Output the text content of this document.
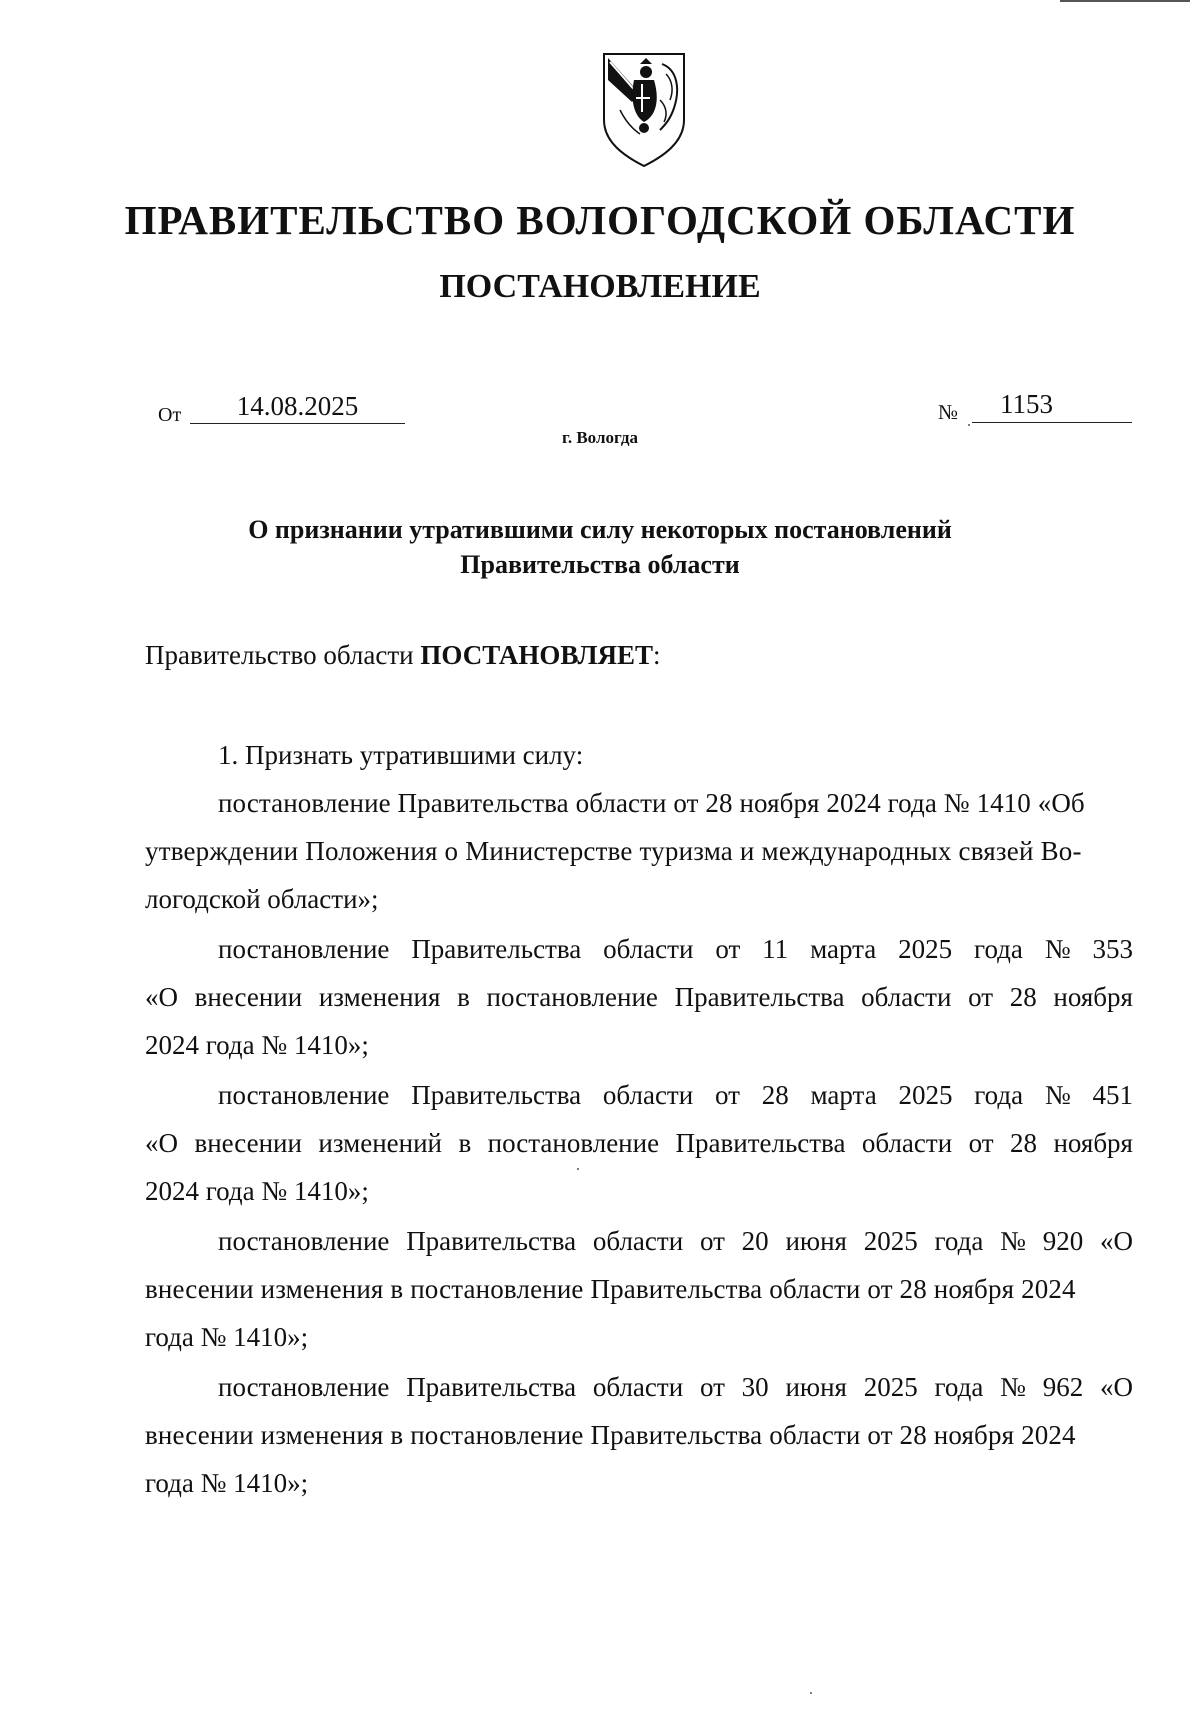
ПРАВИТЕЛЬСТВО ВОЛОГОДСКОЙ ОБЛАСТИ
ПОСТАНОВЛЕНИЕ
От	14.08.2025	№	1153
г. Вологда
О признании утратившими силу некоторых постановлений
Правительства области
Правительство области ПОСТАНОВЛЯЕТ:
1. Признать утратившими силу:
постановление Правительства области от 28 ноября 2024 года № 1410 «Об
утверждении Положения о Министерстве туризма и международных связей Во-
логодской области»;
постановление Правительства области от 11 марта 2025 года № 353
«О внесении изменения в постановление Правительства области от 28 ноября
2024 года № 1410»;
постановление Правительства области от 28 марта 2025 года № 451
«О внесении изменений в постановление Правительства области от 28 ноября
2024 года № 1410»;
постановление Правительства области от 20 июня 2025 года № 920 «О
внесении изменения в постановление Правительства области от 28 ноября 2024
года № 1410»;
постановление Правительства области от 30 июня 2025 года № 962 «О
внесении изменения в постановление Правительства области от 28 ноября 2024
года № 1410»;
